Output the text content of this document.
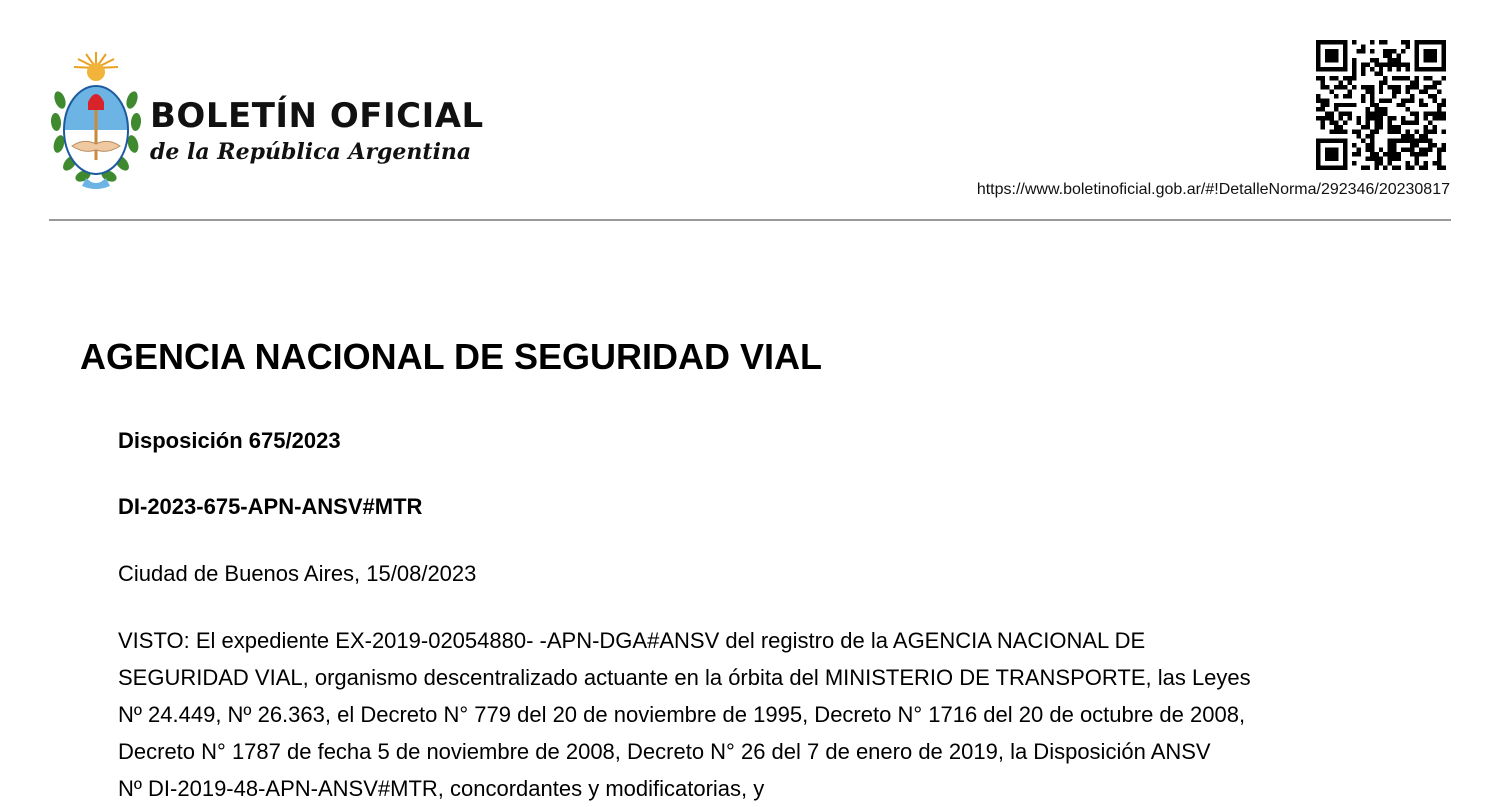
BOLETÍN OFICIAL
de la República Argentina
https://www.boletinoficial.gob.ar/#!DetalleNorma/292346/20230817
AGENCIA NACIONAL DE SEGURIDAD VIAL
Disposición 675/2023
DI-2023-675-APN-ANSV#MTR
Ciudad de Buenos Aires, 15/08/2023
VISTO: El expediente EX-2019-02054880- -APN-DGA#ANSV del registro de la AGENCIA NACIONAL DE
SEGURIDAD VIAL, organismo descentralizado actuante en la órbita del MINISTERIO DE TRANSPORTE, las Leyes
Nº 24.449, Nº 26.363, el Decreto N° 779 del 20 de noviembre de 1995, Decreto N° 1716 del 20 de octubre de 2008,
Decreto N° 1787 de fecha 5 de noviembre de 2008, Decreto N° 26 del 7 de enero de 2019, la Disposición ANSV
Nº DI-2019-48-APN-ANSV#MTR, concordantes y modificatorias, y
